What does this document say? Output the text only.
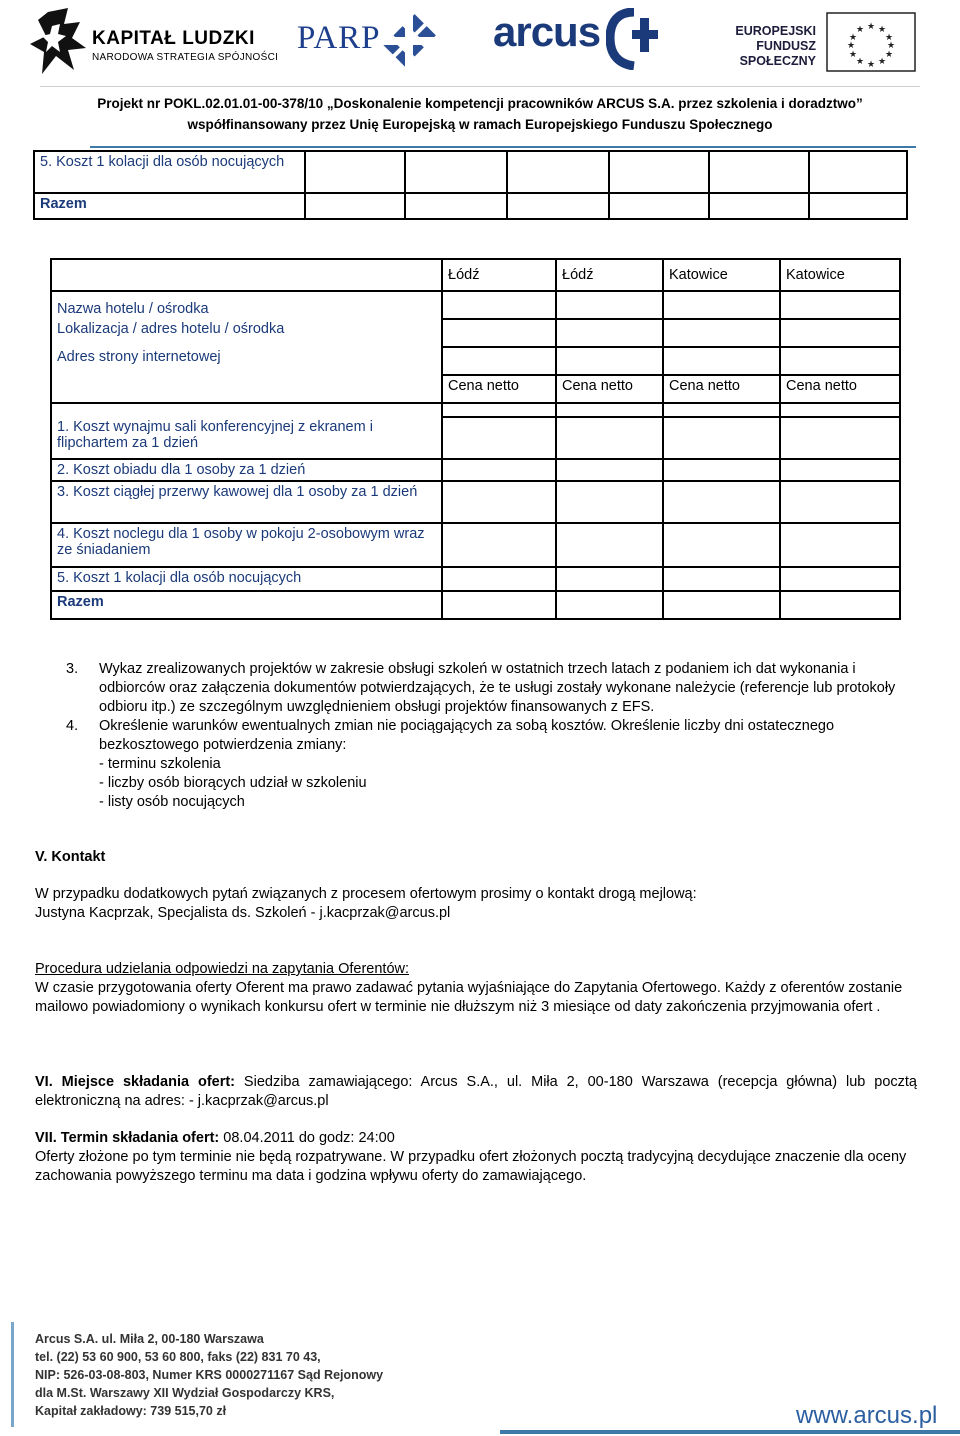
KAPITAŁ LUDZKI
NARODOWA STRATEGIA SPÓJNOŚCI
PARP	arcus	EUROPEJSKI
FUNDUSZ SPOŁECZNY
★ ★
★
★
★
★
★
★
★
★
★
★
Projekt nr POKL.02.01.01-00-378/10 „Doskonalenie kompetencji pracowników ARCUS S.A. przez szkolenia i doradztwo”
współfinansowany przez Unię Europejską w ramach Europejskiego Funduszu Społecznego
5. Koszt 1 kolacji dla osób nocujących						
Razem						
	Łódź	Łódź	Katowice	Katowice
Nazwa hotelu / ośrodka				
Lokalizacja / adres hotelu / ośrodka				
Adres strony internetowej				
	Cena netto	Cena netto	Cena netto	Cena netto

1. Koszt wynajmu sali konferencyjnej z ekranem i flipchartem za 1 dzień				
2. Koszt obiadu dla 1 osoby za 1 dzień				
3. Koszt ciągłej przerwy kawowej dla 1 osoby za 1 dzień				
4. Koszt noclegu dla 1 osoby w pokoju 2-osobowym wraz ze śniadaniem				
5. Koszt 1 kolacji dla osób nocujących				
Razem				
3. Wykaz zrealizowanych projektów w zakresie obsługi szkoleń w ostatnich trzech latach z podaniem ich dat wykonania i odbiorców oraz załączenia dokumentów potwierdzających, że te usługi zostały wykonane należycie (referencje lub protokoły odbioru itp.) ze szczególnym uwzględnieniem obsługi projektów finansowanych z EFS.
4. Określenie warunków ewentualnych zmian nie pociągających za sobą kosztów. Określenie liczby dni ostatecznego bezkosztowego potwierdzenia zmiany:
- terminu szkolenia
- liczby osób biorących udział w szkoleniu
- listy osób nocujących
V. Kontakt
W przypadku dodatkowych pytań związanych z procesem ofertowym prosimy o kontakt drogą mejlową:
Justyna Kacprzak, Specjalista ds. Szkoleń - j.kacprzak@arcus.pl
Procedura udzielania odpowiedzi na zapytania Oferentów:
W czasie przygotowania oferty Oferent ma prawo zadawać pytania wyjaśniające do Zapytania Ofertowego. Każdy z oferentów zostanie mailowo powiadomiony o wynikach konkursu ofert w terminie nie dłuższym niż 3 miesiące od daty zakończenia przyjmowania ofert .
VI. Miejsce składania ofert: Siedziba zamawiającego: Arcus S.A., ul. Miła 2, 00-180 Warszawa (recepcja główna) lub pocztą elektroniczną na adres: - j.kacprzak@arcus.pl
VII. Termin składania ofert: 08.04.2011 do godz: 24:00
Oferty złożone po tym terminie nie będą rozpatrywane. W przypadku ofert złożonych pocztą tradycyjną decydujące znaczenie dla oceny zachowania powyższego terminu ma data i godzina wpływu oferty do zamawiającego.
Arcus S.A. ul. Miła 2, 00-180 Warszawa
tel. (22) 53 60 900, 53 60 800, faks (22) 831 70 43,
NIP: 526-03-08-803, Numer KRS 0000271167 Sąd Rejonowy
dla M.St. Warszawy XII Wydział Gospodarczy KRS,
Kapitał zakładowy: 739 515,70 zł	www.arcus.pl
